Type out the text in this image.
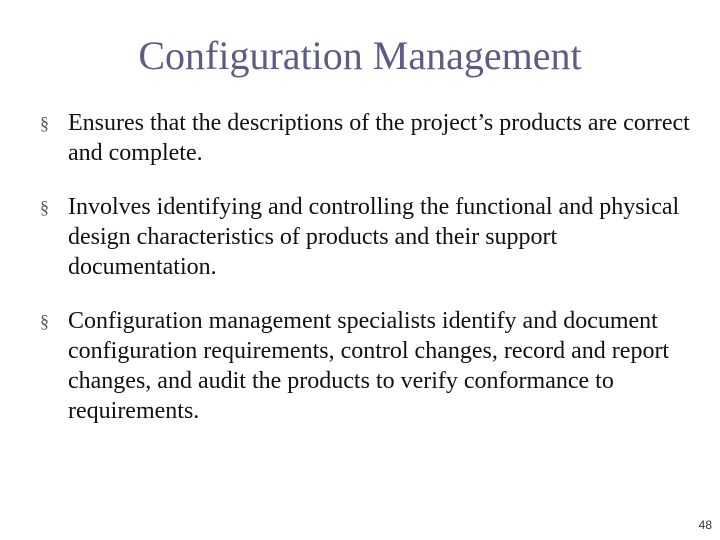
Configuration Management
§ Ensures that the descriptions of the project’s products are correct and complete.
§ Involves identifying and controlling the functional and physical design characteristics of products and their support documentation.
§ Configuration management specialists identify and document configuration requirements, control changes, record and report changes, and audit the products to verify conformance to requirements.
48
